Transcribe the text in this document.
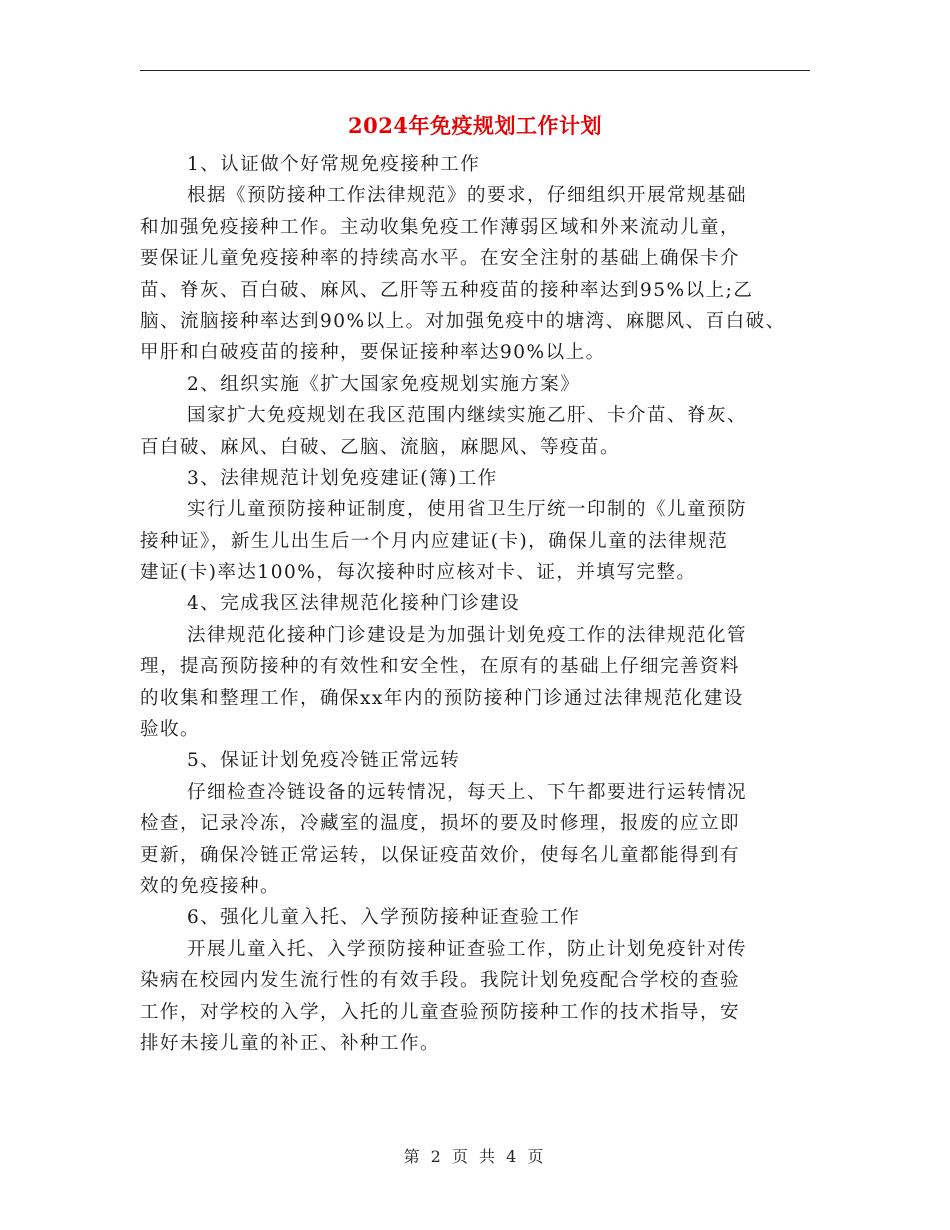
2024年免疫规划工作计划
1、认证做个好常规免疫接种工作
根据《预防接种工作法律规范》的要求，仔细组织开展常规基础
和加强免疫接种工作。主动收集免疫工作薄弱区域和外来流动儿童，
要保证儿童免疫接种率的持续高水平。在安全注射的基础上确保卡介
苗、脊灰、百白破、麻风、乙肝等五种疫苗的接种率达到95%以上;乙
脑、流脑接种率达到90%以上。对加强免疫中的塘湾、麻腮风、百白破、
甲肝和白破疫苗的接种，要保证接种率达90%以上。
2、组织实施《扩大国家免疫规划实施方案》
国家扩大免疫规划在我区范围内继续实施乙肝、卡介苗、脊灰、
百白破、麻风、白破、乙脑、流脑，麻腮风、等疫苗。
3、法律规范计划免疫建证(簿)工作
实行儿童预防接种证制度，使用省卫生厅统一印制的《儿童预防
接种证》，新生儿出生后一个月内应建证(卡)，确保儿童的法律规范
建证(卡)率达100%，每次接种时应核对卡、证，并填写完整。
4、完成我区法律规范化接种门诊建设
法律规范化接种门诊建设是为加强计划免疫工作的法律规范化管
理，提高预防接种的有效性和安全性，在原有的基础上仔细完善资料
的收集和整理工作，确保xx年内的预防接种门诊通过法律规范化建设
验收。
5、保证计划免疫冷链正常远转
仔细检查冷链设备的远转情况，每天上、下午都要进行运转情况
检查，记录冷冻，冷藏室的温度，损坏的要及时修理，报废的应立即
更新，确保冷链正常运转，以保证疫苗效价，使每名儿童都能得到有
效的免疫接种。
6、强化儿童入托、入学预防接种证查验工作
开展儿童入托、入学预防接种证查验工作，防止计划免疫针对传
染病在校园内发生流行性的有效手段。我院计划免疫配合学校的查验
工作，对学校的入学，入托的儿童查验预防接种工作的技术指导，安
排好未接儿童的补正、补种工作。
第 2 页 共 4 页
